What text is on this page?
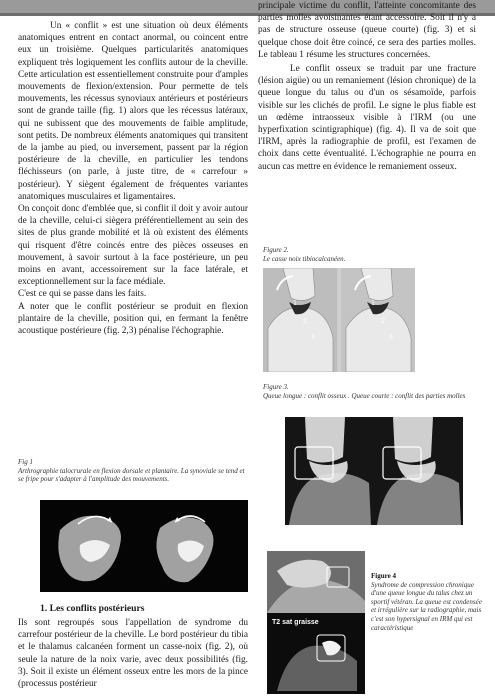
Un « conflit » est une situation où deux éléments anatomiques entrent en contact anormal, ou coincent entre eux un troisième. Quelques particularités anatomiques expliquent très logiquement les conflits autour de la cheville. Cette articulation est essentiellement construite pour d'amples mouvements de flexion/extension. Pour permette de tels mouvements, les récessus synoviaux antérieurs et postérieurs sont de grande taille (fig. 1) alors que les récessus latéraux, qui ne subissent que des mouvements de faible amplitude, sont petits. De nombreux éléments anatomiques qui transitent de la jambe au pied, ou inversement, passent par la région postérieure de la cheville, en particulier les tendons fléchisseurs (on parle, à juste titre, de « carrefour » postérieur). Y siègent également de fréquentes variantes anatomiques musculaires et ligamentaires.

On conçoit donc d'emblée que, si conflit il doit y avoir autour de la cheville, celui-ci siègera préférentiellement au sein des sites de plus grande mobilité et là où existent des éléments qui risquent d'être coincés entre des pièces osseuses en mouvement, à savoir surtout à la face postérieure, un peu moins en avant, accessoirement sur la face latérale, et exceptionnellement sur la face médiale.

C'est ce qui se passe dans les faits.

A noter que le conflit postérieur se produit en flexion plantaire de la cheville, position qui, en fermant la fenêtre acoustique postérieure (fig. 2,3) pénalise l'échographie.

Fig 1
Arthrographie talocrurale en flexion dorsale et plantaire. La synoviale se tend et se fripe pour s'adapter à l'amplitude des mouvements.
1. Les conflits postérieurs

Ils sont regroupés sous l'appellation de syndrome du carrefour postérieur de la cheville. Le bord postérieur du tibia et le thalamus calcanéen forment un casse-noix (fig. 2), où seule la nature de la noix varie, avec deux possibilités (fig. 3). Soit il existe un élément osseux entre les mors de la pince (processus postérieur

principale victime du conflit, l'atteinte concomitante des parties molles avoisinantes étant accessoire. Soit il n'y a pas de structure osseuse (queue courte) (fig. 3) et si quelque chose doit être coincé, ce sera des parties molles. Le tableau 1 résume les structures concernées.

Le conflit osseux se traduit par une fracture (lésion aigüe) ou un remaniement (lésion chronique) de la queue longue du talus ou d'un os sésamoïde, parfois visible sur les clichés de profil. Le signe le plus fiable est un œdème intraosseux visible à l'IRM (ou une hyperfixation scintigraphique) (fig. 4). Il va de soit que l'IRM, après la radiographie de profil, est l'examen de choix dans cette éventualité. L'échographie ne pourra en aucun cas mettre en évidence le remaniement osseux.

Figure 2.
Le casse noix tibiocalcanéen.
1
2
3
1
2
3
Figure 3.
Queue longue : conflit osseux . Queue courte : conflit des parties molles
T2 sat graisse
Figure 4
Syndrome de compression chronique d'une queue longue du talus chez un sportif vétéran. La queue est condensée et irrégulière sur la radiographie, mais c'est son hypersignal en IRM qui est caractéristique
